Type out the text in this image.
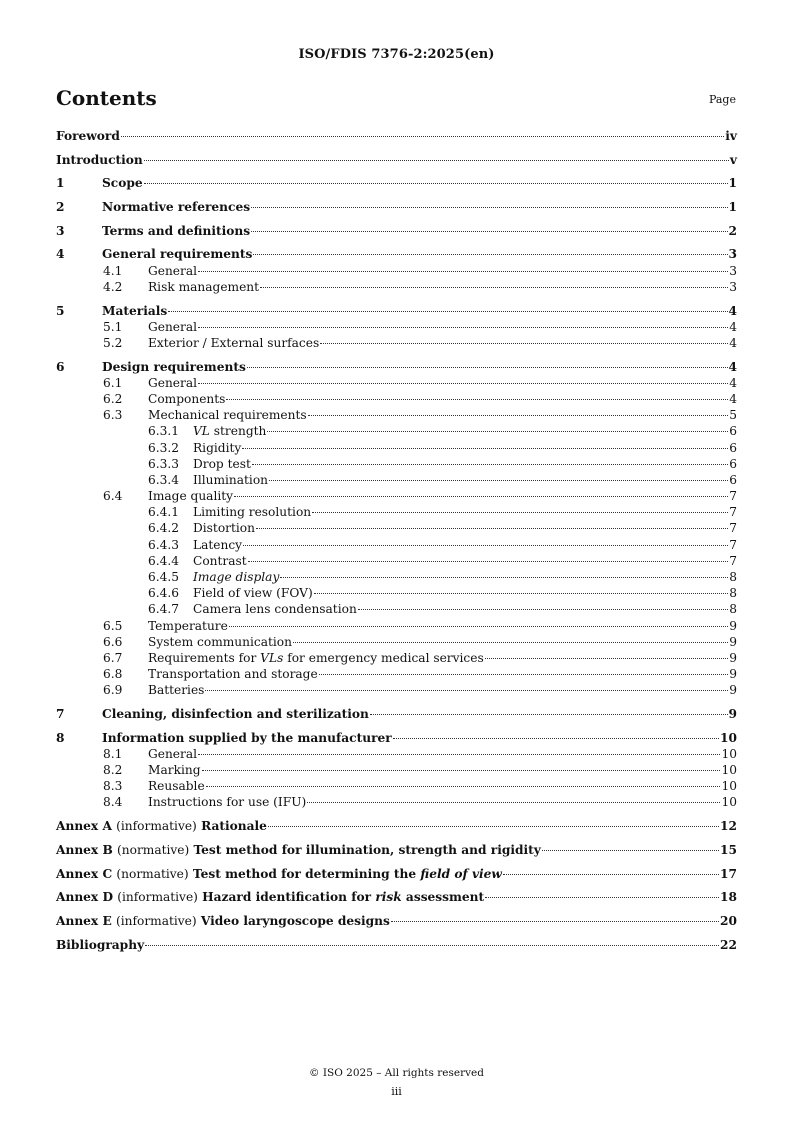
ISO/FDIS 7376-2:2025(en)
Contents	Page
Foreword	iv
Introduction	v
1	Scope	1
2	Normative references	1
3	Terms and definitions	2
4	General requirements	3
4.1	General	3
4.2	Risk management	3
5	Materials	4
5.1	General	4
5.2	Exterior / External surfaces	4
6	Design requirements	4
6.1	General	4
6.2	Components	4
6.3	Mechanical requirements	5
6.3.1	VL strength	6
6.3.2	Rigidity	6
6.3.3	Drop test	6
6.3.4	Illumination	6
6.4	Image quality	7
6.4.1	Limiting resolution	7
6.4.2	Distortion	7
6.4.3	Latency	7
6.4.4	Contrast	7
6.4.5	Image display	8
6.4.6	Field of view (FOV)	8
6.4.7	Camera lens condensation	8
6.5	Temperature	9
6.6	System communication	9
6.7	Requirements for VLs for emergency medical services	9
6.8	Transportation and storage	9
6.9	Batteries	9
7	Cleaning, disinfection and sterilization	9
8	Information supplied by the manufacturer	10
8.1	General	10
8.2	Marking	10
8.3	Reusable	10
8.4	Instructions for use (IFU)	10
Annex A (informative) Rationale	12
Annex B (normative) Test method for illumination, strength and rigidity	15
Annex C (normative) Test method for determining the field of view	17
Annex D (informative) Hazard identification for risk assessment	18
Annex E (informative) Video laryngoscope designs	20
Bibliography	22
© ISO 2025 – All rights reserved
iii
